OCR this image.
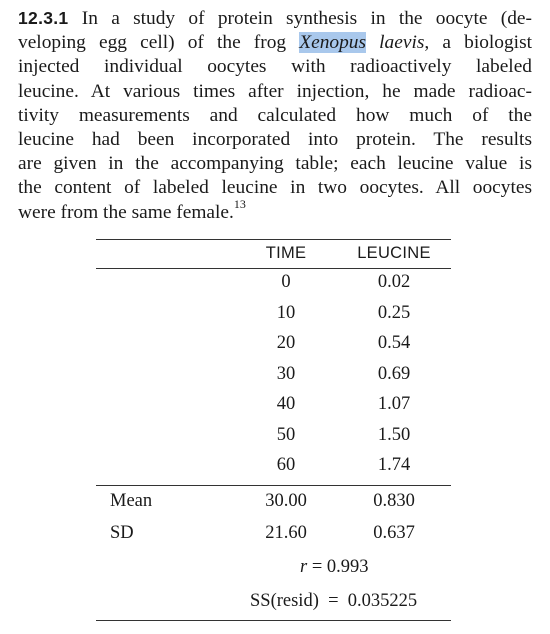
12.3.1 In a study of protein synthesis in the oocyte (de-
veloping egg cell) of the frog Xenopus laevis, a biologist
injected individual oocytes with radioactively labeled
leucine. At various times after injection, he made radioac-
tivity measurements and calculated how much of the
leucine had been incorporated into protein. The results
are given in the accompanying table; each leucine value is
the content of labeled leucine in two oocytes. All oocytes
were from the same female.$^{13}$
TIME	LEUCINE
0	0.02
10	0.25
20	0.54
30	0.69
40	1.07
50	1.50
60	1.74
Mean	30.00	0.830
SD	21.60	0.637
r = 0.993
SS(resid)  =  0.035225
